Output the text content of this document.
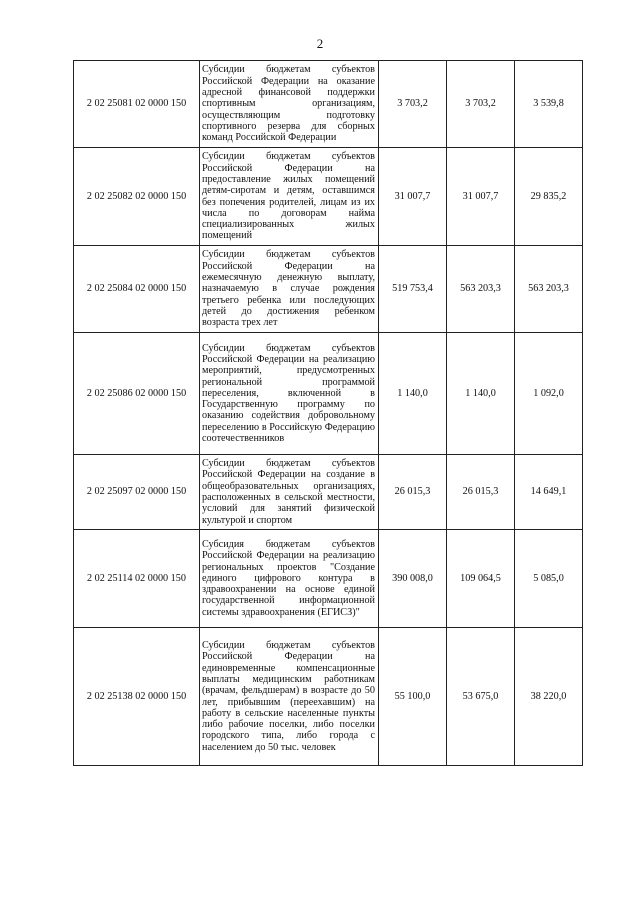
2
2 02 25081 02 0000 150	Субсидии бюджетам субъектов Российской Федерации на оказание адресной финансовой поддержки спортивным организациям, осуществляющим подготовку спортивного резерва для сборных команд Российской Федерации	3 703,2	3 703,2	3 539,8
2 02 25082 02 0000 150	Субсидии бюджетам субъектов Российской Федерации на предоставление жилых помещений детям-сиротам и детям, оставшимся без попечения родителей, лицам из их числа по договорам найма специализированных жилых помещений	31 007,7	31 007,7	29 835,2
2 02 25084 02 0000 150	Субсидии бюджетам субъектов Российской Федерации на ежемесячную денежную выплату, назначаемую в случае рождения третьего ребенка или последующих детей до достижения ребенком возраста трех лет	519 753,4	563 203,3	563 203,3
2 02 25086 02 0000 150	Субсидии бюджетам субъектов Российской Федерации на реализацию мероприятий, предусмотренных региональной программой переселения, включенной в Государственную программу по оказанию содействия добровольному переселению в Российскую Федерацию соотечественников	1 140,0	1 140,0	1 092,0
2 02 25097 02 0000 150	Субсидии бюджетам субъектов Российской Федерации на создание в общеобразовательных организациях, расположенных в сельской местности, условий для занятий физической культурой и спортом	26 015,3	26 015,3	14 649,1
2 02 25114 02 0000 150	Субсидия бюджетам субъектов Российской Федерации на реализацию региональных проектов "Создание единого цифрового контура в здравоохранении на основе единой государственной информационной системы здравоохранения (ЕГИСЗ)"	390 008,0	109 064,5	5 085,0
2 02 25138 02 0000 150	Субсидии бюджетам субъектов Российской Федерации на единовременные компенсационные выплаты медицинским работникам (врачам, фельдшерам) в возрасте до 50 лет, прибывшим (переехавшим) на работу в сельские населенные пункты либо рабочие поселки, либо поселки городского типа, либо города с населением до 50 тыс. человек	55 100,0	53 675,0	38 220,0
